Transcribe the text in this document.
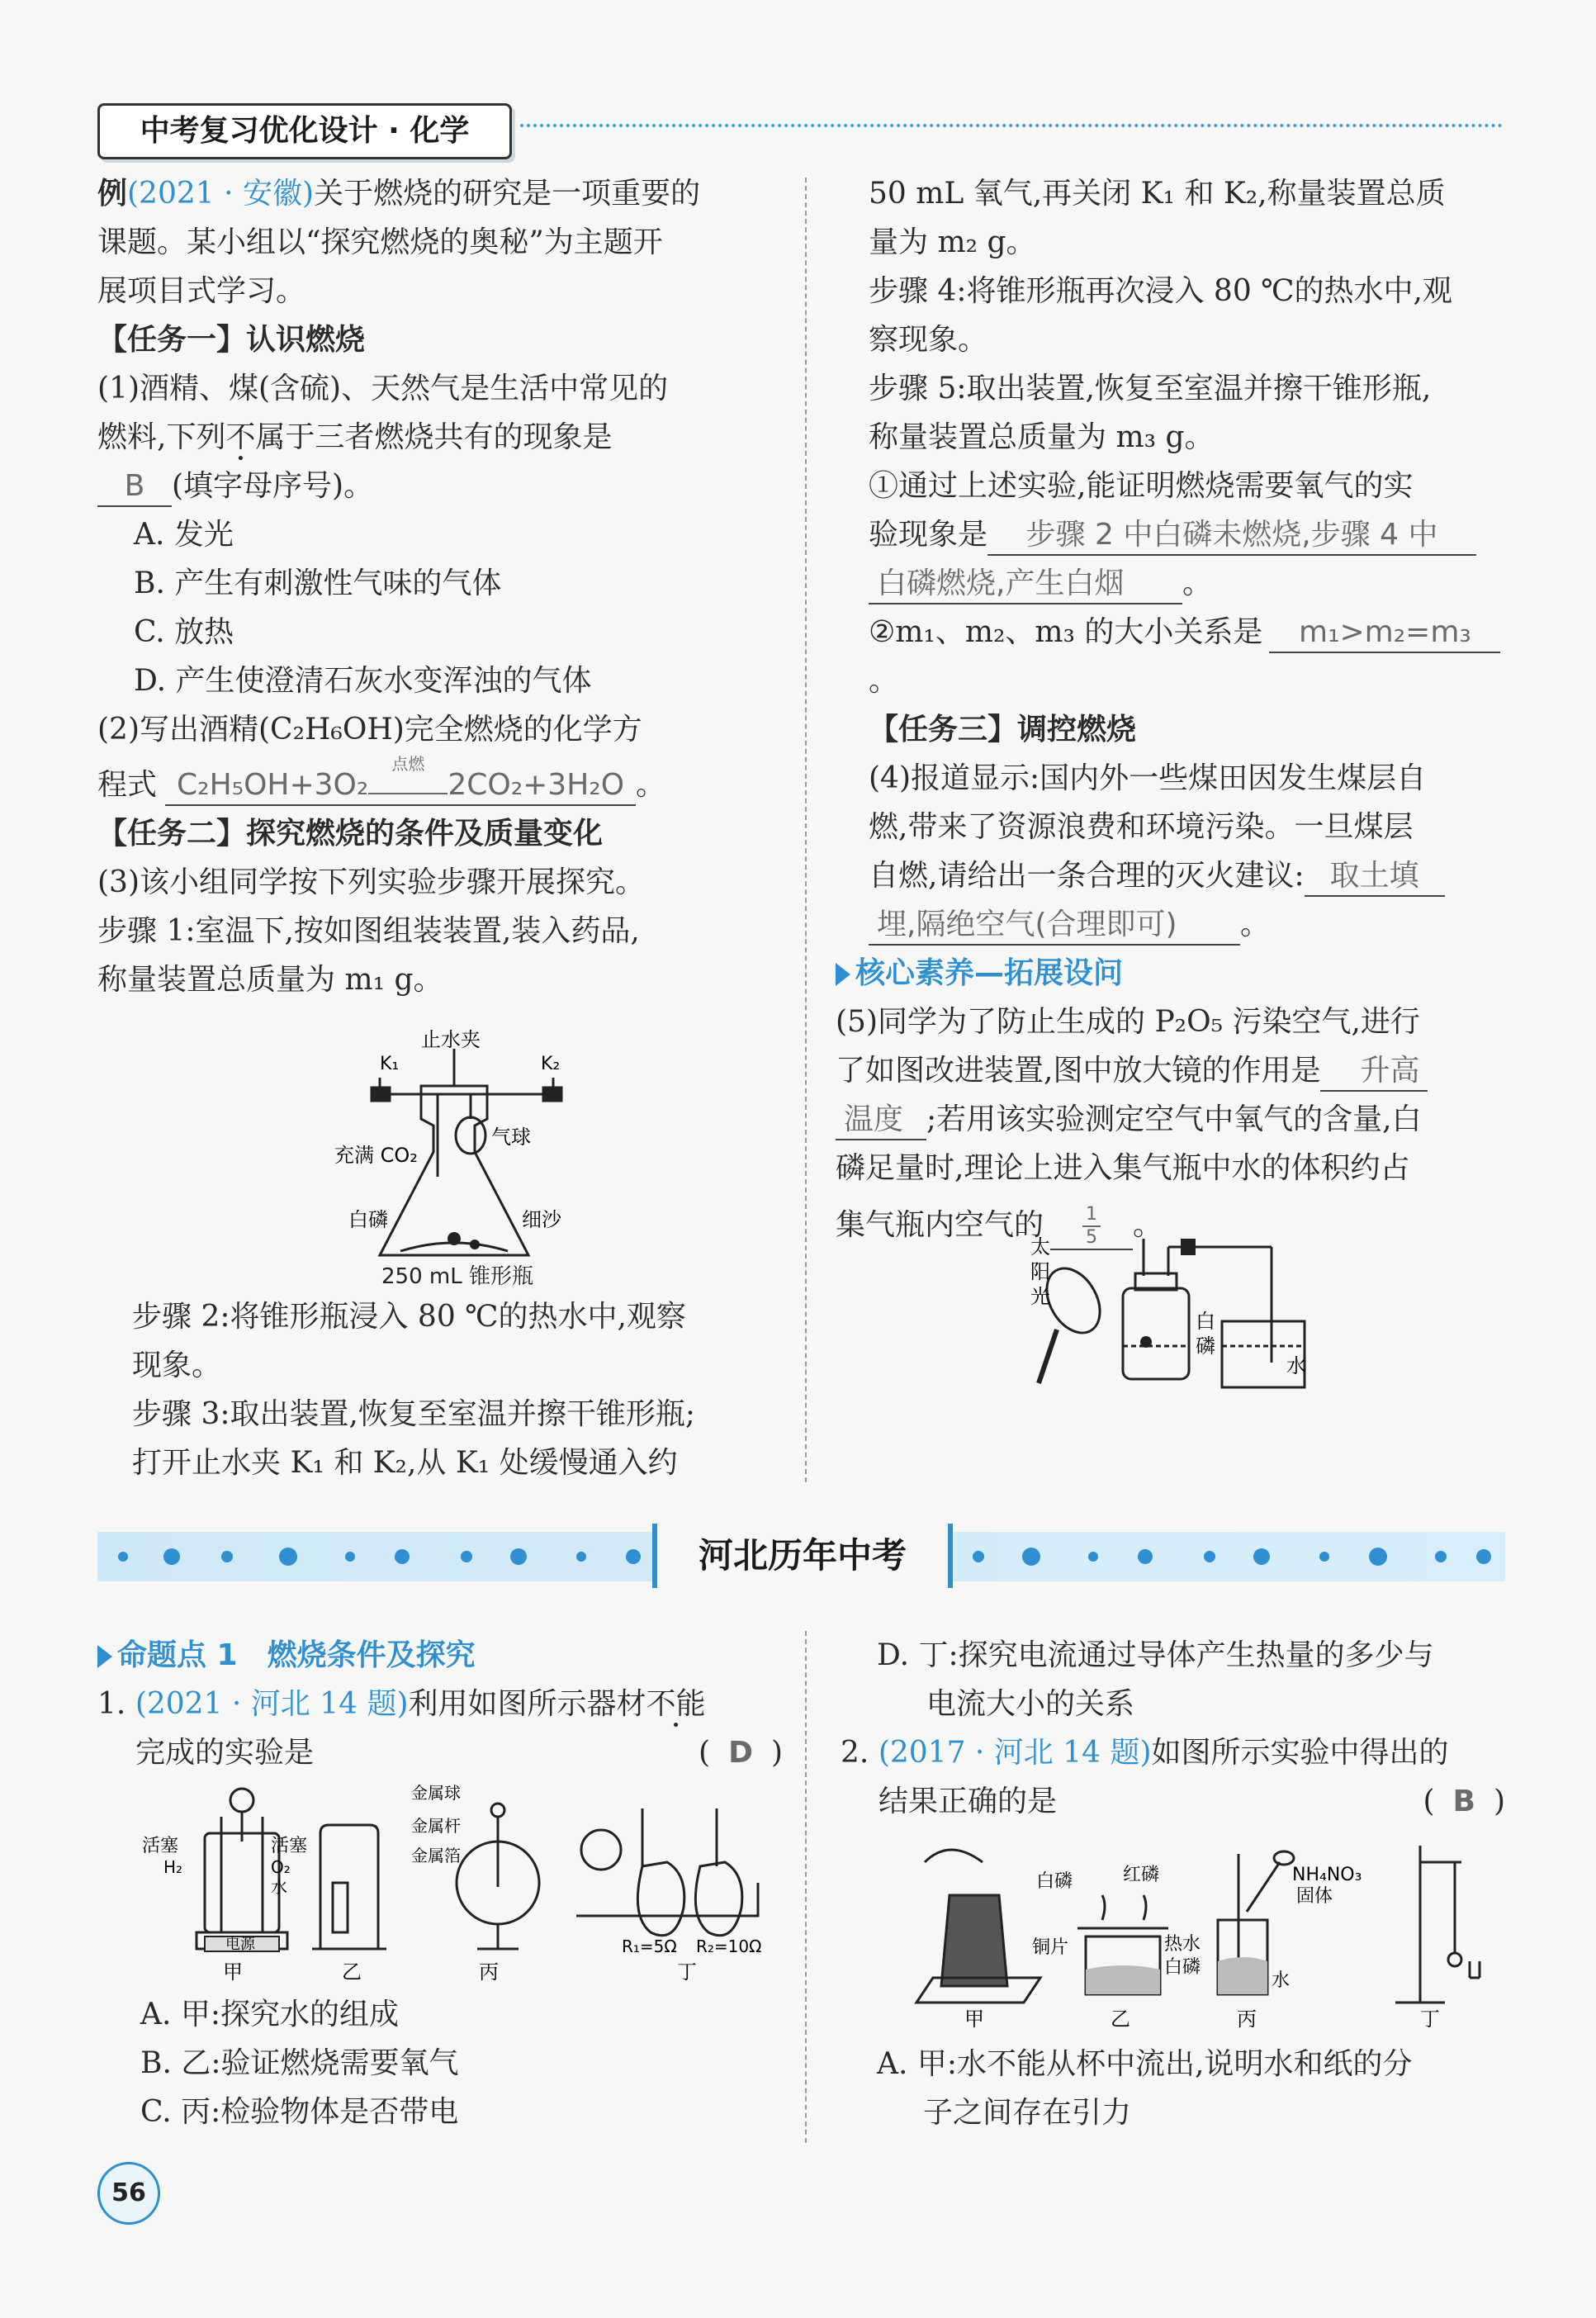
中考复习优化设计 · 化学

例(2021 · 安徽)关于燃烧的研究是一项重要的

课题。某小组以“探究燃烧的奥秘”为主题开

展项目式学习。

【任务一】认识燃烧

(1)酒精、煤(含硫)、天然气是生活中常见的

燃料,下列不属于三者燃烧共有的现象是

B (填字母序号)。

A. 发光

B. 产生有刺激性气味的气体

C. 放热

D. 产生使澄清石灰水变浑浊的气体

(2)写出酒精(C₂H₆OH)完全燃烧的化学方

程式 C₂H₅OH+3O₂
点燃
2CO₂+3H₂O 。

【任务二】探究燃烧的条件及质量变化

(3)该小组同学按下列实验步骤开展探究。

步骤 1:室温下,按如图组装装置,装入药品,

称量装置总质量为 m₁ g。

止水夹
K₁	K₂
充满 CO₂
气球
白磷	细沙
250 mL 锥形瓶

步骤 2:将锥形瓶浸入 80 ℃的热水中,观察

现象。

步骤 3:取出装置,恢复至室温并擦干锥形瓶;

打开止水夹 K₁ 和 K₂,从 K₁ 处缓慢通入约

50 mL 氧气,再关闭 K₁ 和 K₂,称量装置总质

量为 m₂ g。

步骤 4:将锥形瓶再次浸入 80 ℃的热水中,观

察现象。

步骤 5:取出装置,恢复至室温并擦干锥形瓶,

称量装置总质量为 m₃ g。

①通过上述实验,能证明燃烧需要氧气的实

验现象是 步骤 2 中白磷未燃烧,步骤 4 中

白磷燃烧,产生白烟 。

②m₁、m₂、m₃ 的大小关系是 m₁>m₂=m₃。

【任务三】调控燃烧

(4)报道显示:国内外一些煤田因发生煤层自

燃,带来了资源浪费和环境污染。一旦煤层

自燃,请给出一条合理的灭火建议: 取土填

埋,隔绝空气(合理即可) 。

核心素养—拓展设问

(5)同学为了防止生成的 P₂O₅ 污染空气,进行

了如图改进装置,图中放大镜的作用是 升高

温度 ;若用该实验测定空气中氧气的含量,白

磷足量时,理论上进入集气瓶中水的体积约占

集气瓶内空气的 $\frac{1}{5}$ 。

太
阳
光
白
磷
水
河北历年中考

命题点 1　燃烧条件及探究

1. (2021 · 河北 14 题)利用如图所示器材不能

完成的实验是	( D )

活塞	活塞
H₂	O₂
水
电源
金属球
金属杆
金属箔
R₁=5Ω R₂=10Ω
甲	乙	丙	丁

A. 甲:探究水的组成

B. 乙:验证燃烧需要氧气

C. 丙:检验物体是否带电

D. 丁:探究电流通过导体产生热量的多少与

电流大小的关系

2. (2017 · 河北 14 题)如图所示实验中得出的

结果正确的是	( B )

白磷	红磷
铜片	热水
白磷
NH₄NO₃
固体
水
甲	乙	丙	丁

A. 甲:水不能从杯中流出,说明水和纸的分

子之间存在引力

56
